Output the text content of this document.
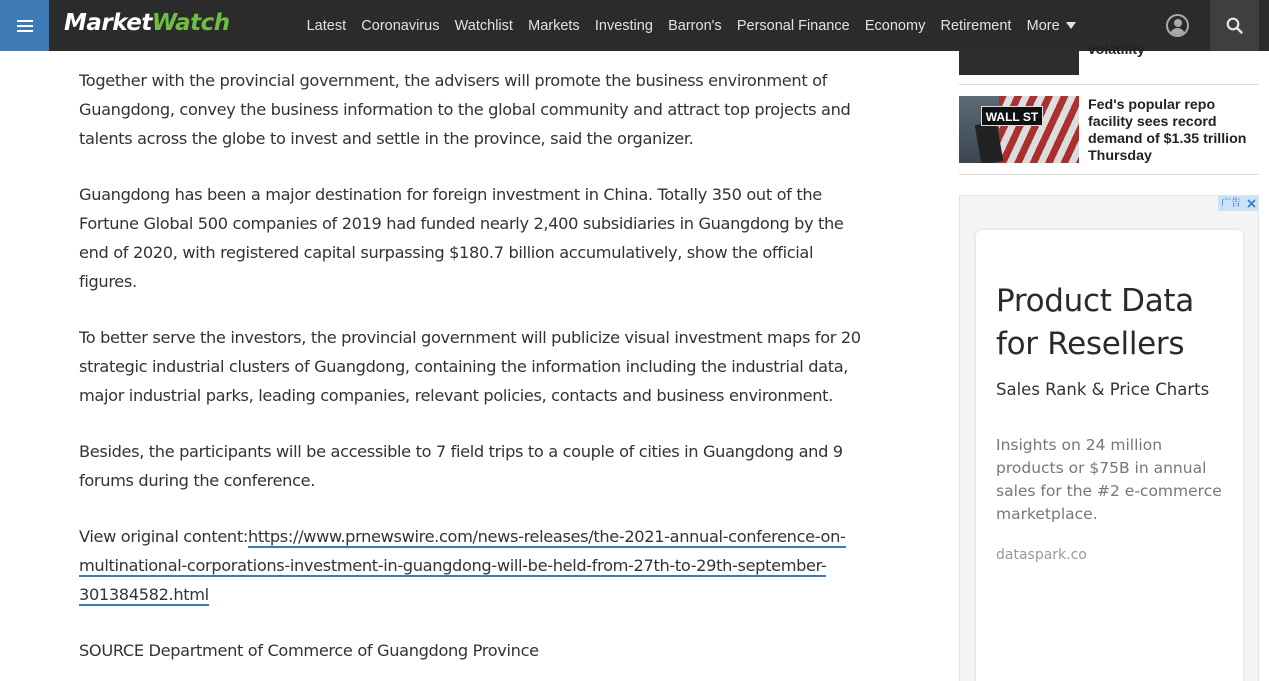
MarketWatch	Latest	Coronavirus	Watchlist	Markets	Investing	Barron's	Personal Finance	Economy	Retirement	More

Together with the provincial government, the advisers will promote the business environment of Guangdong, convey the business information to the global community and attract top projects and talents across the globe to invest and settle in the province, said the organizer.

Guangdong has been a major destination for foreign investment in China. Totally 350 out of the Fortune Global 500 companies of 2019 had funded nearly 2,400 subsidiaries in Guangdong by the end of 2020, with registered capital surpassing $180.7 billion accumulatively, show the official figures.

To better serve the investors, the provincial government will publicize visual investment maps for 20 strategic industrial clusters of Guangdong, containing the information including the industrial data, major industrial parks, leading companies, relevant policies, contacts and business environment.

Besides, the participants will be accessible to 7 field trips to a couple of cities in Guangdong and 9 forums during the conference.

View original content:https://www.prnewswire.com/news-releases/the-2021-annual-conference-on-multinational-corporations-investment-in-guangdong-will-be-held-from-27th-to-29th-september-301384582.html

SOURCE Department of Commerce of Guangdong Province

volatility
WALL ST
Fed's popular repo facility sees record demand of $1.35 trillion Thursday
广告
Product Data for Resellers
Sales Rank & Price Charts
Insights on 24 million products or $75B in annual sales for the #2 e-commerce marketplace.
dataspark.co
